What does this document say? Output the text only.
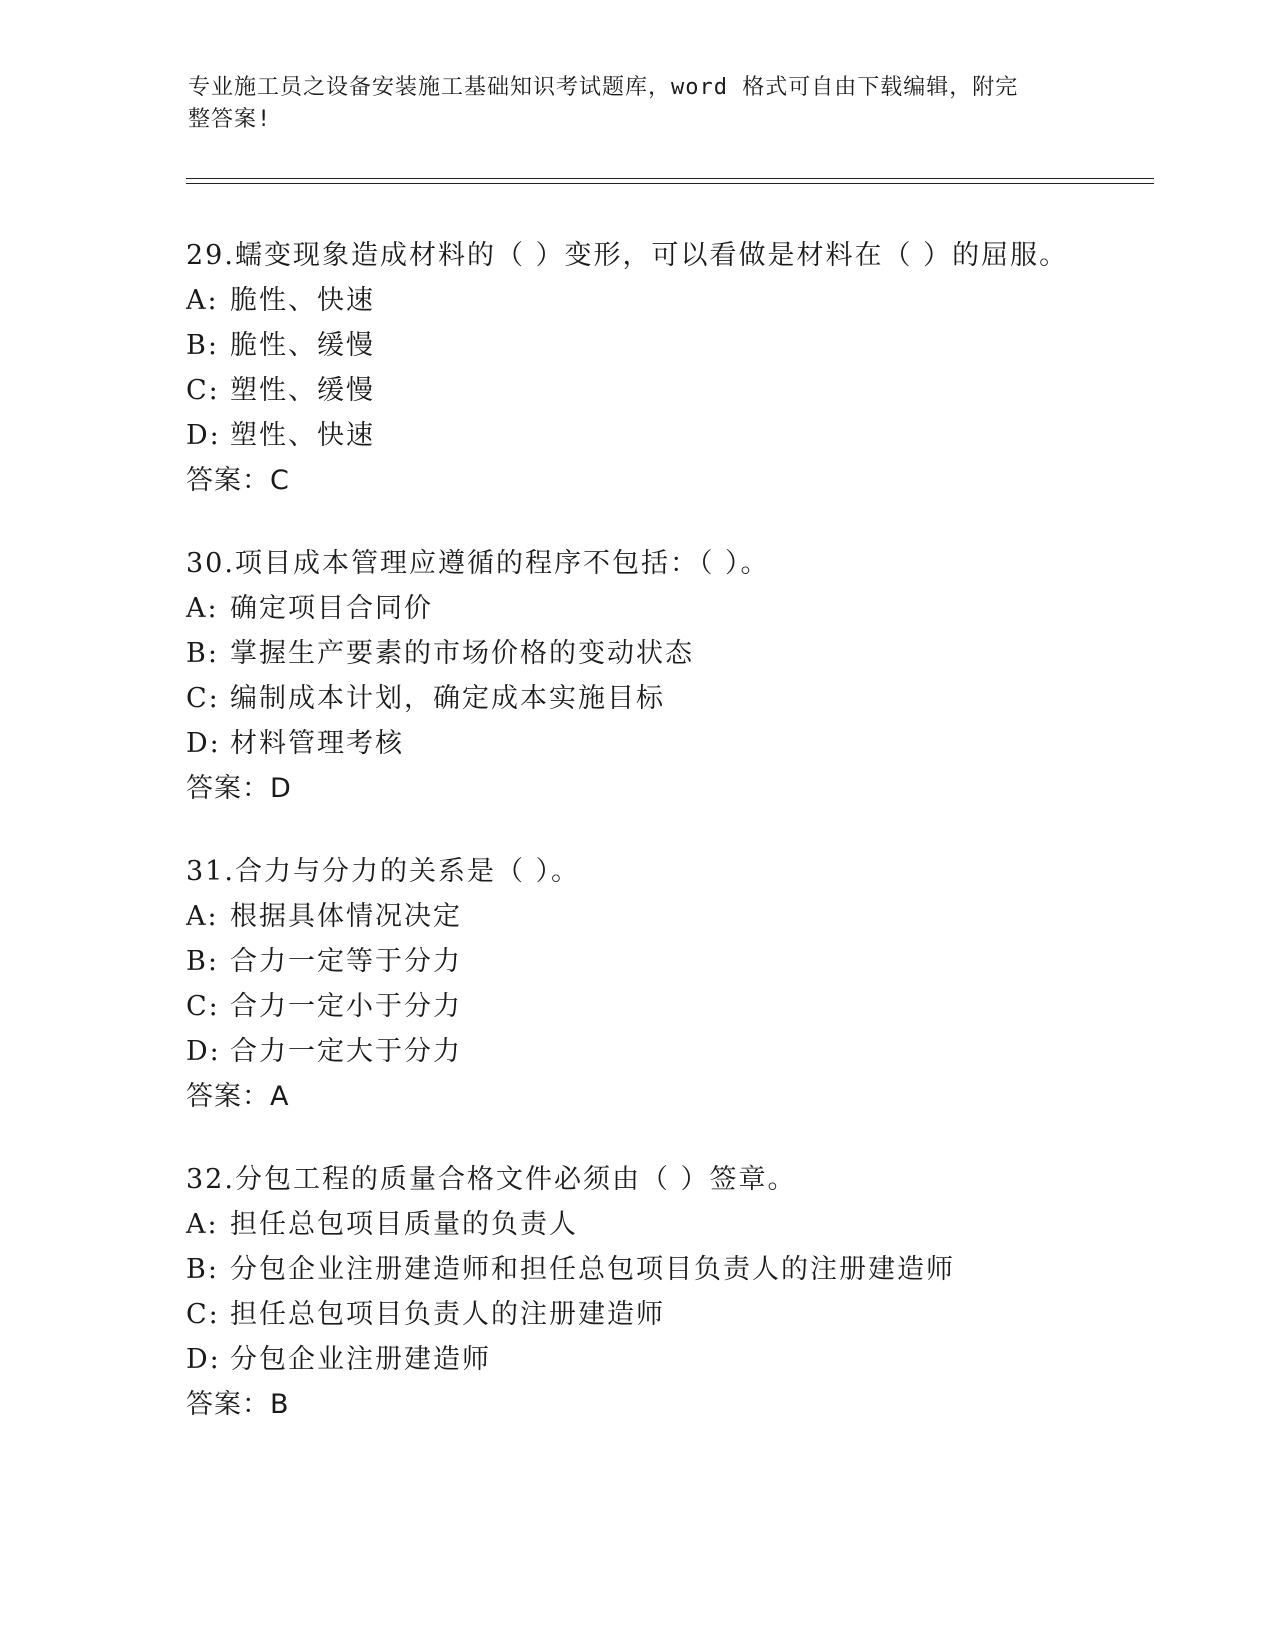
专业施工员之设备安装施工基础知识考试题库，word 格式可自由下载编辑，附完
整答案!
29.蠕变现象造成材料的（ ）变形，可以看做是材料在（ ）的屈服。
A: 脆性、快速
B: 脆性、缓慢
C: 塑性、缓慢
D: 塑性、快速
答案：C
30.项目成本管理应遵循的程序不包括：（ ）。
A: 确定项目合同价
B: 掌握生产要素的市场价格的变动状态
C: 编制成本计划，确定成本实施目标
D: 材料管理考核
答案：D
31.合力与分力的关系是（ ）。
A: 根据具体情况决定
B: 合力一定等于分力
C: 合力一定小于分力
D: 合力一定大于分力
答案：A
32.分包工程的质量合格文件必须由（ ）签章。
A: 担任总包项目质量的负责人
B: 分包企业注册建造师和担任总包项目负责人的注册建造师
C: 担任总包项目负责人的注册建造师
D: 分包企业注册建造师
答案：B
